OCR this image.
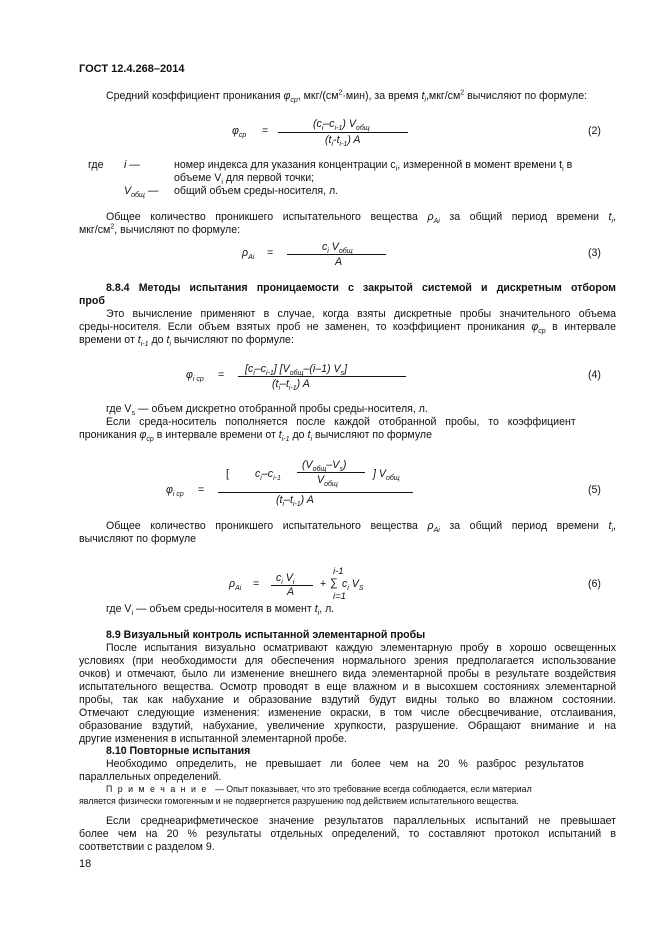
ГОСТ 12.4.268–2014
Средний коэффициент проникания $\varphi_{ср}$, мкг/$(см^2\cdot мин)$, за время $t_i,мкг/см^2$ вычисляют по формуле:
$\varphi_{ср}$ =
$(c_i-c_{i-1})$ $V_{общ}$
$(t_i-t_{i-1})$ A
(2)
где i —	номер индекса для указания концентрации $c_i$, измеренной в момент времени $t_i$ в
объеме $V_i$ для первой точки;
$V_{общ}$ — общий объем среды-носителя, л.
Общее количество проникшего испытательного вещества $\rho_{Ai}$ за общий период времени $t_i$,
мкг/$см^2$, вычисляют по формуле:
$\rho_{Ai}$ =	$c_i$ $V_{общ}$
A
(3)
8.8.4 Методы испытания проницаемости с закрытой системой и дискретным отбором
проб
Это вычисление применяют в случае, когда взяты дискретные пробы значительного объема
среды-носителя. Если объем взятых проб не заменен, то коэффициент проникания $\varphi_{ср}$ в интервале
времени от $t_{i-1}$ до $t_i$ вычисляют по формуле:
$\varphi_{i ср} = [c_i-c_{i-1}]$ [$V_{общ}-(i-1)$ $V_s$]
$(t_i-t_{i-1})$ A
(4)
где $V_s$ — объем дискретно отобранной пробы среды-носителя, л.
Если   среда-носитель   пополняется   после   каждой   отобранной   пробы,   то   коэффициент
проникания $\varphi_{ср}$ в интервале времени от $t_{i-1}$ до $t_i$ вычисляют по формуле
$\varphi_{i ср}$ =
[ $c_i-c_{i-1}$
$(V_{общ}-V_s)$
$V_{общ}$
] $V_{общ}$
$(t_i-t_{i-1})$ A
(5)
Общее количество проникшего испытательного вещества $\rho_{Ai}$ за общий период времени $t_i$,
вычисляют по формуле
$\rho_{Ai} = c_i$ $V_i$
A
+
i-1
∑
i=1
$c_i$ $V_S$	(6)
где $V_i$ — объем среды-носителя в момент $t_i$, л.
8.9 Визуальный контроль испытанной элементарной пробы
После испытания визуально осматривают каждую элементарную пробу в хорошо освещенных
условиях (при необходимости для обеспечения нормального зрения предполагается использование
очков) и отмечают, было ли изменение внешнего вида элементарной пробы в результате воздействия
испытательного вещества. Осмотр проводят в еще влажном и в высохшем состояниях элементарной
пробы, так как набухание и образование вздутий будут видны только во влажном состоянии.
Отмечают следующие изменения: изменение окраски, в том числе обесцвечивание, отслаивания,
образование вздутий, набухание, увеличение хрупкости, разрушение. Обращают внимание и на
другие изменения в испытанной элементарной пробе.
8.10 Повторные испытания
Необходимо   определить,   не   превышает   ли   более   чем   на   20   %   разброс   результатов
параллельных определений.
П р и м е ч а н и е — Опыт показывает, что это требование всегда соблюдается, если материал
является физически гомогенным и не подвергнется разрушению под действием испытательного вещества.
Если среднеарифметическое значение результатов параллельных испытаний не превышает
более чем на 20 % результаты отдельных определений, то составляют протокол испытаний в
соответствии с разделом 9.
18
